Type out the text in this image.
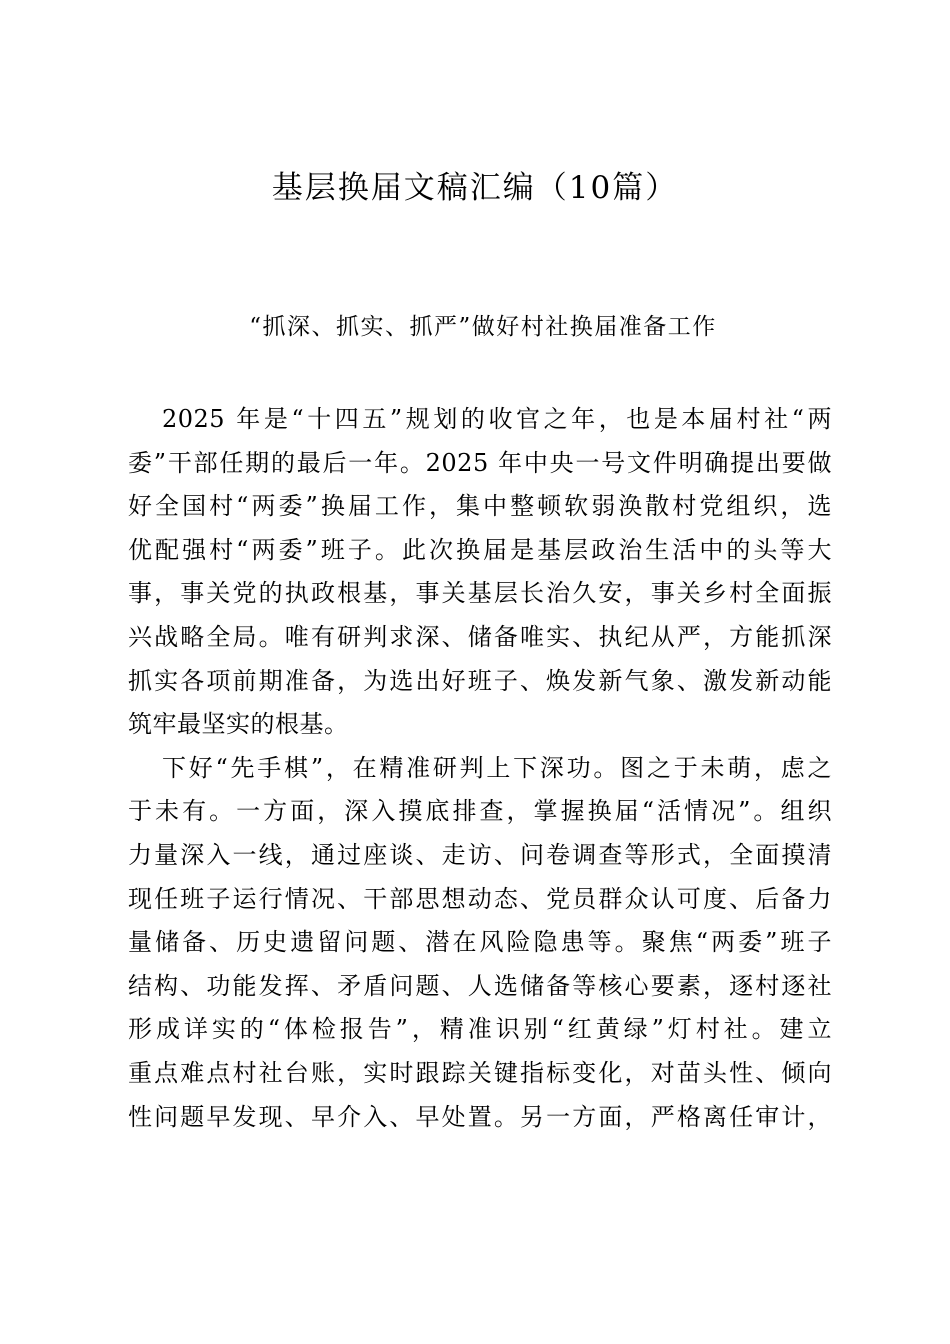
基层换届文稿汇编（10篇）
“抓深、抓实、抓严”做好村社换届准备工作
2025 年是“十四五”规划的收官之年，也是本届村社“两
委”干部任期的最后一年。2025 年中央一号文件明确提出要做
好全国村“两委”换届工作，集中整顿软弱涣散村党组织，选
优配强村“两委”班子。此次换届是基层政治生活中的头等大
事，事关党的执政根基，事关基层长治久安，事关乡村全面振
兴战略全局。唯有研判求深、储备唯实、执纪从严，方能抓深
抓实各项前期准备，为选出好班子、焕发新气象、激发新动能
筑牢最坚实的根基。
下好“先手棋”，在精准研判上下深功。图之于未萌，虑之
于未有。一方面，深入摸底排查，掌握换届“活情况”。组织
力量深入一线，通过座谈、走访、问卷调查等形式，全面摸清
现任班子运行情况、干部思想动态、党员群众认可度、后备力
量储备、历史遗留问题、潜在风险隐患等。聚焦“两委”班子
结构、功能发挥、矛盾问题、人选储备等核心要素，逐村逐社
形成详实的“体检报告”，精准识别“红黄绿”灯村社。建立
重点难点村社台账，实时跟踪关键指标变化，对苗头性、倾向
性问题早发现、早介入、早处置。另一方面，严格离任审计，
